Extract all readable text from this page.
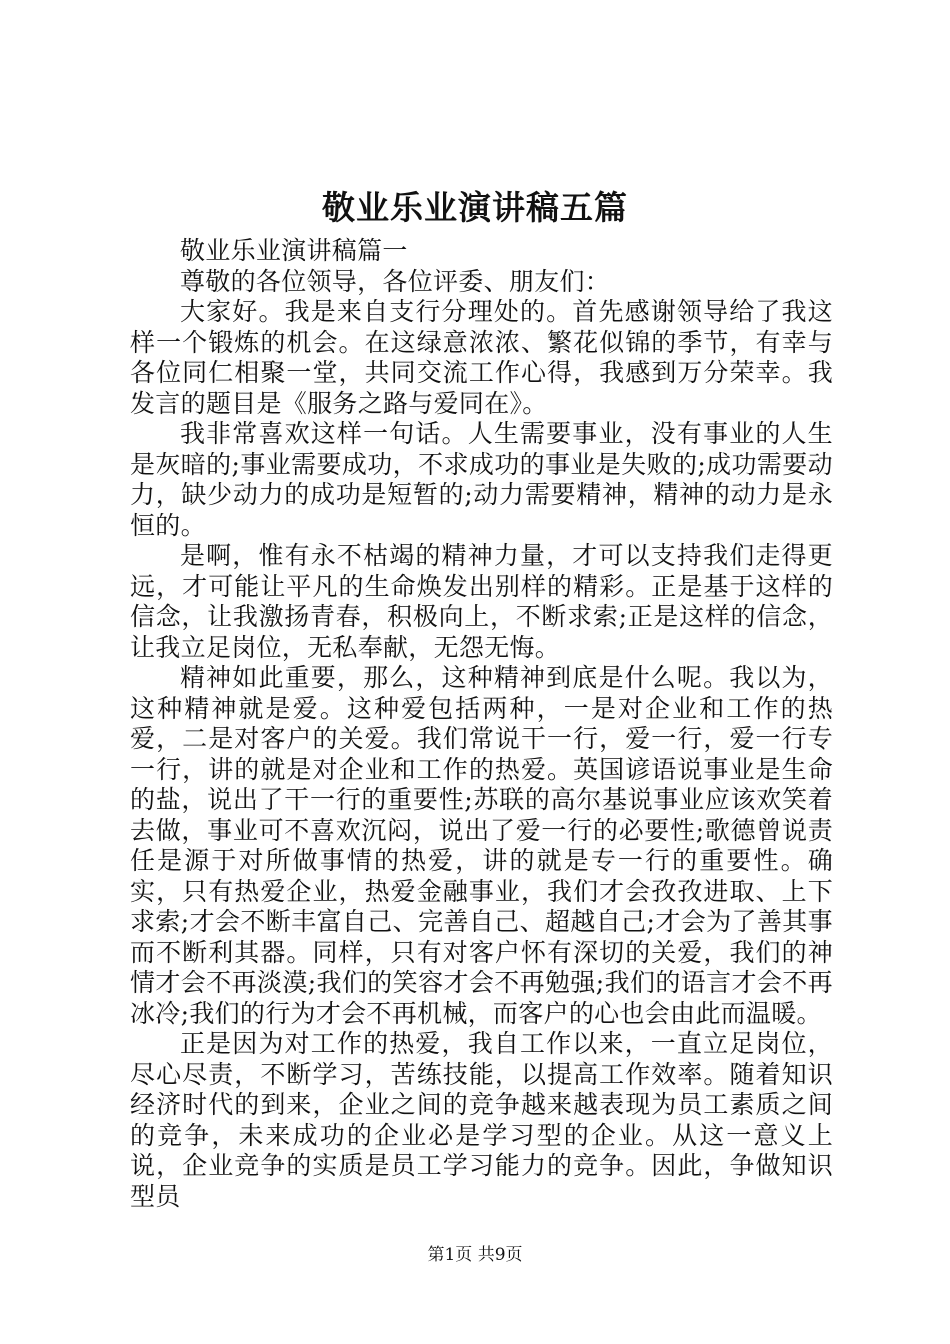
敬业乐业演讲稿五篇

敬业乐业演讲稿篇一

尊敬的各位领导，各位评委、朋友们：

大家好。我是来自支行分理处的。首先感谢领导给了我这样一个锻炼的机会。在这绿意浓浓、繁花似锦的季节，有幸与各位同仁相聚一堂，共同交流工作心得，我感到万分荣幸。我发言的题目是《服务之路与爱同在》。

我非常喜欢这样一句话。人生需要事业，没有事业的人生是灰暗的;事业需要成功，不求成功的事业是失败的;成功需要动力，缺少动力的成功是短暂的;动力需要精神，精神的动力是永恒的。

是啊，惟有永不枯竭的精神力量，才可以支持我们走得更远，才可能让平凡的生命焕发出别样的精彩。正是基于这样的信念，让我激扬青春，积极向上，不断求索;正是这样的信念，让我立足岗位，无私奉献，无怨无悔。

精神如此重要，那么，这种精神到底是什么呢。我以为，这种精神就是爱。这种爱包括两种，一是对企业和工作的热爱，二是对客户的关爱。我们常说干一行，爱一行，爱一行专一行，讲的就是对企业和工作的热爱。英国谚语说事业是生命的盐，说出了干一行的重要性;苏联的高尔基说事业应该欢笑着去做，事业可不喜欢沉闷，说出了爱一行的必要性;歌德曾说责任是源于对所做事情的热爱，讲的就是专一行的重要性。确实，只有热爱企业，热爱金融事业，我们才会孜孜进取、上下求索;才会不断丰富自己、完善自己、超越自己;才会为了善其事而不断利其器。同样，只有对客户怀有深切的关爱，我们的神情才会不再淡漠;我们的笑容才会不再勉强;我们的语言才会不再冰冷;我们的行为才会不再机械，而客户的心也会由此而温暖。

正是因为对工作的热爱，我自工作以来，一直立足岗位，尽心尽责，不断学习，苦练技能，以提高工作效率。随着知识经济时代的到来，企业之间的竞争越来越表现为员工素质之间的竞争，未来成功的企业必是学习型的企业。从这一意义上说，企业竞争的实质是员工学习能力的竞争。因此，争做知识型员

第1页 共9页
